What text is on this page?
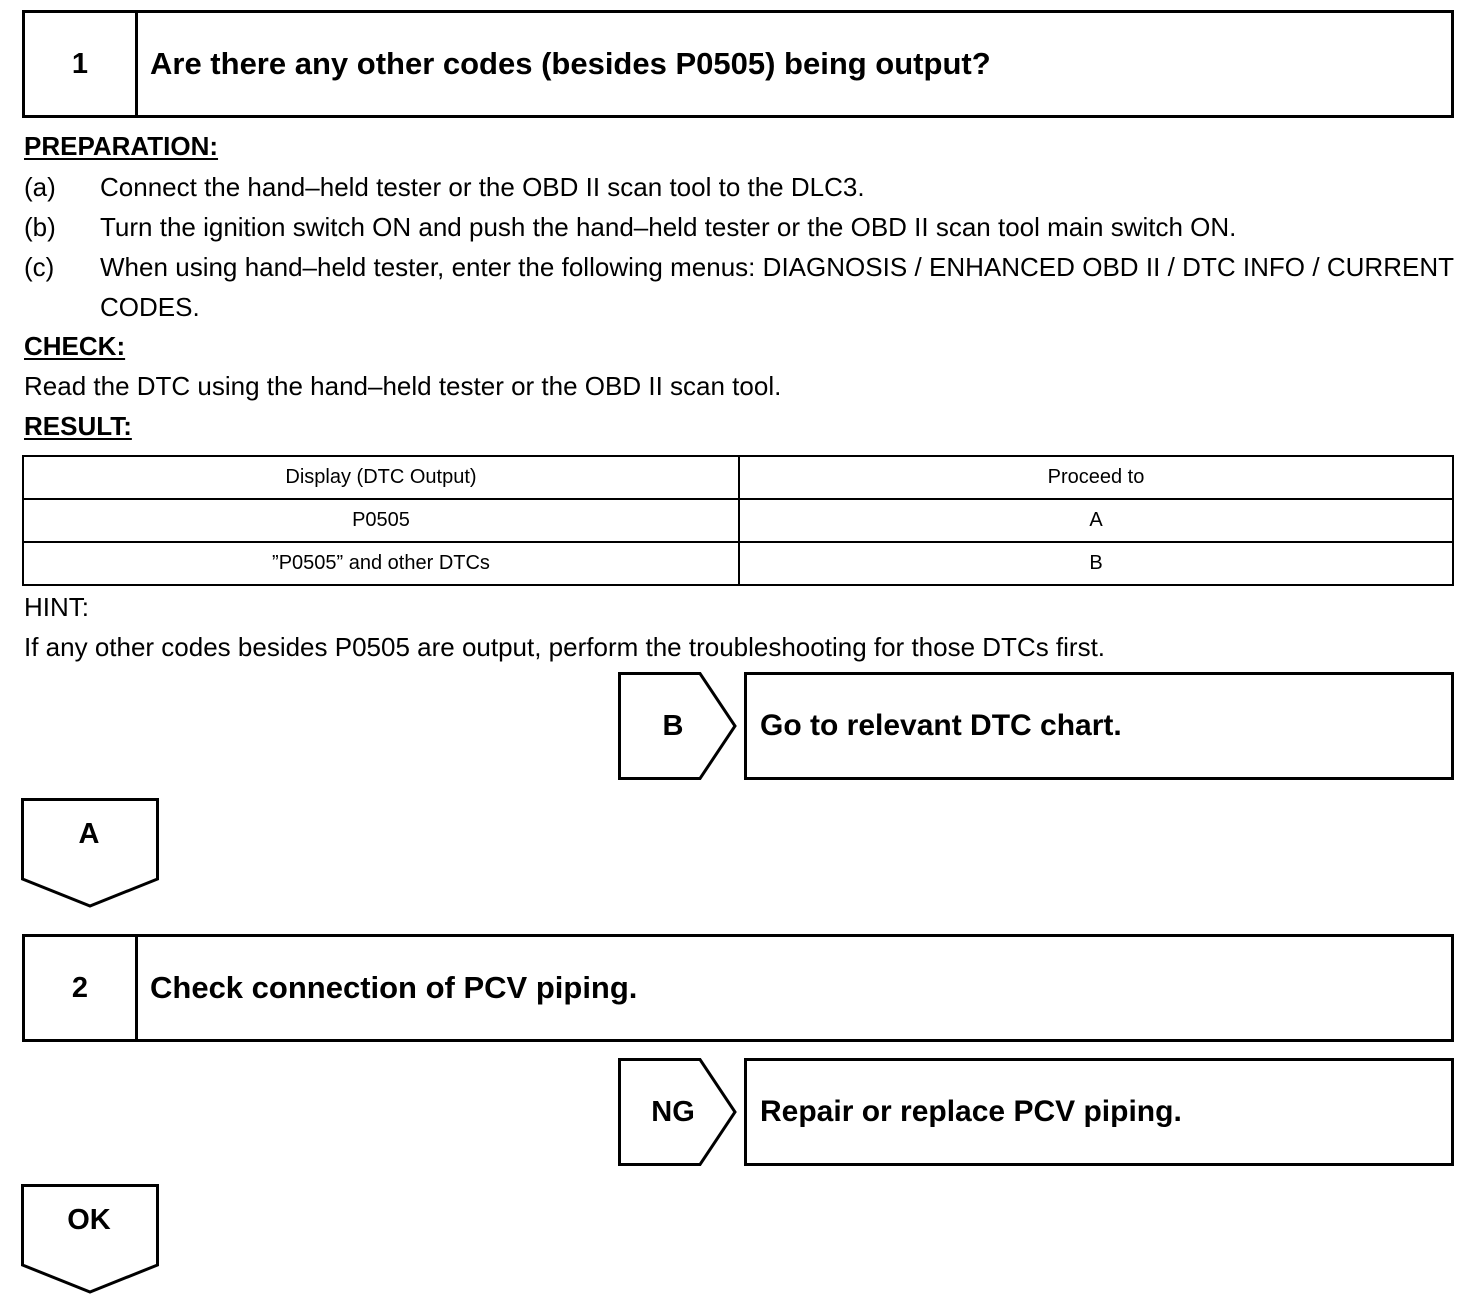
1	Are there any other codes (besides P0505) being output?
PREPARATION:
(a) Connect the hand–held tester or the OBD II scan tool to the DLC3.
(b) Turn the ignition switch ON and push the hand–held tester or the OBD II scan tool main switch ON.
(c) When using hand–held tester, enter the following menus: DIAGNOSIS / ENHANCED OBD II / DTC INFO / CURRENT CODES.
CHECK:
Read the DTC using the hand–held tester or the OBD II scan tool.
RESULT:
Display (DTC Output)	Proceed to
P0505	A
”P0505” and other DTCs	B
HINT:
If any other codes besides P0505 are output, perform the troubleshooting for those DTCs first.
B	Go to relevant DTC chart.
A
2	Check connection of PCV piping.
NG	Repair or replace PCV piping.
OK
